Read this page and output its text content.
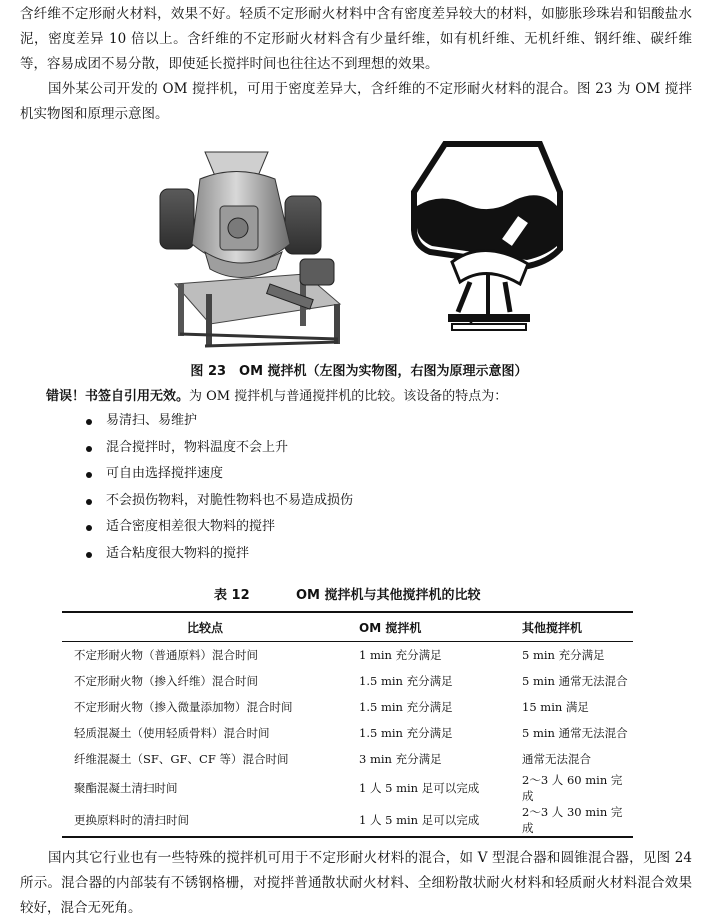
含纤维不定形耐火材料，效果不好。轻质不定形耐火材料中含有密度差异较大的材料，如膨胀珍珠岩和铝酸盐水泥，密度差异 10 倍以上。含纤维的不定形耐火材料含有少量纤维，如有机纤维、无机纤维、钢纤维、碳纤维等，容易成团不易分散，即使延长搅拌时间也往往达不到理想的效果。

国外某公司开发的 OM 搅拌机，可用于密度差异大，含纤维的不定形耐火材料的混合。图 23 为 OM 搅拌机实物图和原理示意图。

图 23　OM 搅拌机（左图为实物图，右图为原理示意图）
错误！书签自引用无效。为 OM 搅拌机与普通搅拌机的比较。该设备的特点为：
易清扫、易维护
混合搅拌时，物料温度不会上升
可自由选择搅拌速度
不会损伤物料，对脆性物料也不易造成损伤
适合密度相差很大物料的搅拌
适合粘度很大物料的搅拌
表 12	OM 搅拌机与其他搅拌机的比较
比较点	OM 搅拌机	其他搅拌机
不定形耐火物（普通原料）混合时间	1 min 充分满足	5 min 充分满足
不定形耐火物（掺入纤维）混合时间	1.5 min 充分满足	5 min 通常无法混合
不定形耐火物（掺入微量添加物）混合时间	1.5 min 充分满足	15 min 满足
轻质混凝土（使用轻质骨料）混合时间	1.5 min 充分满足	5 min 通常无法混合
纤维混凝土（SF、GF、CF 等）混合时间	3 min 充分满足	通常无法混合
聚酯混凝土清扫时间	1 人 5 min 足可以完成	2～3 人 60 min 完成
更换原料时的清扫时间	1 人 5 min 足可以完成	2～3 人 30 min 完成

国内其它行业也有一些特殊的搅拌机可用于不定形耐火材料的混合，如 V 型混合器和圆锥混合器，见图 24 所示。混合器的内部装有不锈钢格栅，对搅拌普通散状耐火材料、全细粉散状耐火材料和轻质耐火材料混合效果较好，混合无死角。
